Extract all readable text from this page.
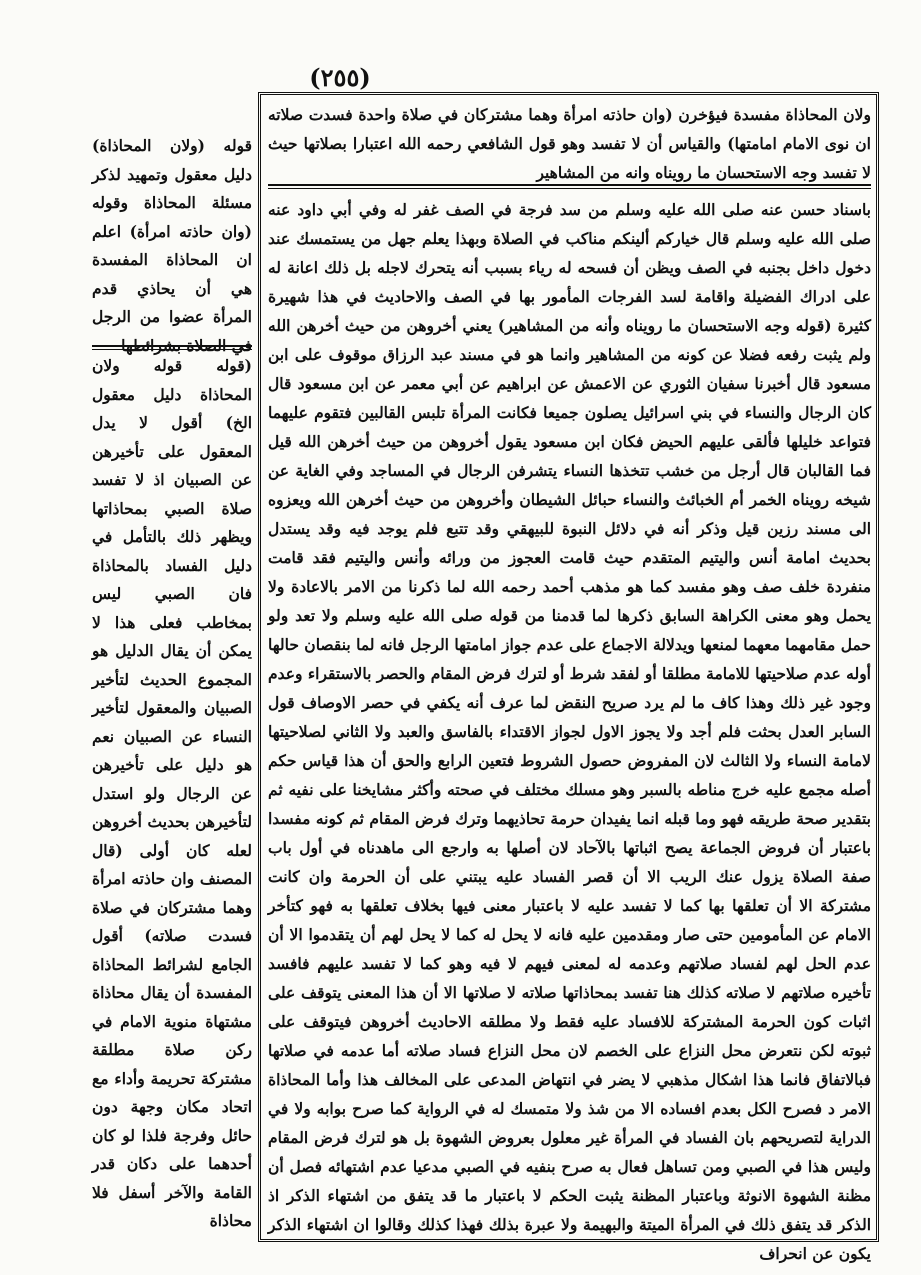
(٢٥٥)

ولان المحاذاة مفسدة فيؤخرن (وان حاذته امرأة وهما مشتركان في صلاة واحدة فسدت صلاته ان نوى الامام امامتها) والقياس أن لا تفسد وهو قول الشافعي رحمه الله اعتبارا بصلاتها حيث لا تفسد وجه الاستحسان ما رويناه وانه من المشاهير

باسناد حسن عنه صلى الله عليه وسلم من سد فرجة في الصف غفر له وفي أبي داود عنه صلى الله عليه وسلم قال خياركم ألينكم مناكب في الصلاة وبهذا يعلم جهل من يستمسك عند دخول داخل بجنبه في الصف ويظن أن فسحه له رياء بسبب أنه يتحرك لاجله بل ذلك اعانة له على ادراك الفضيلة واقامة لسد الفرجات المأمور بها في الصف والاحاديث في هذا شهيرة كثيرة (قوله وجه الاستحسان ما رويناه وأنه من المشاهير) يعني أخروهن من حيث أخرهن الله ولم يثبت رفعه فضلا عن كونه من المشاهير وانما هو في مسند عبد الرزاق موقوف على ابن مسعود قال أخبرنا سفيان الثوري عن الاعمش عن ابراهيم عن أبي معمر عن ابن مسعود قال كان الرجال والنساء في بني اسرائيل يصلون جميعا فكانت المرأة تلبس القالبين فتقوم عليهما فتواعد خليلها فألقى عليهم الحيض فكان ابن مسعود يقول أخروهن من حيث أخرهن الله قيل فما القالبان قال أرجل من خشب تتخذها النساء يتشرفن الرجال في المساجد وفي الغاية عن شيخه رويناه الخمر أم الخبائث والنساء حبائل الشيطان وأخروهن من حيث أخرهن الله ويعزوه الى مسند رزين قيل وذكر أنه في دلائل النبوة للبيهقي وقد تتبع فلم يوجد فيه وقد يستدل بحديث امامة أنس واليتيم المتقدم حيث قامت العجوز من ورائه وأنس واليتيم فقد قامت منفردة خلف صف وهو مفسد كما هو مذهب أحمد رحمه الله لما ذكرنا من الامر بالاعادة ولا يحمل وهو معنى الكراهة السابق ذكرها لما قدمنا من قوله صلى الله عليه وسلم ولا تعد ولو حمل مقامهما معهما لمنعها ويدلالة الاجماع على عدم جواز امامتها الرجل فانه لما بنقصان حالها أوله عدم صلاحيتها للامامة مطلقا أو لفقد شرط أو لترك فرض المقام والحصر بالاستقراء وعدم وجود غير ذلك وهذا كاف ما لم يرد صريح النقض لما عرف أنه يكفي في حصر الاوصاف قول السابر العدل بحثت فلم أجد ولا يجوز الاول لجواز الاقتداء بالفاسق والعبد ولا الثاني لصلاحيتها لامامة النساء ولا الثالث لان المفروض حصول الشروط فتعين الرابع والحق أن هذا قياس حكم أصله مجمع عليه خرج مناطه بالسبر وهو مسلك مختلف في صحته وأكثر مشايخنا على نفيه ثم بتقدير صحة طريقه فهو وما قبله انما يفيدان حرمة تحاذيهما وترك فرض المقام ثم كونه مفسدا باعتبار أن فروض الجماعة يصح اثباتها بالآحاد لان أصلها به وارجع الى ماهدناه في أول باب صفة الصلاة يزول عنك الريب الا أن قصر الفساد عليه يبتني على أن الحرمة وان كانت مشتركة الا أن تعلقها بها كما لا تفسد عليه لا باعتبار معنى فيها بخلاف تعلقها به فهو كتأخر الامام عن المأمومين حتى صار ومقدمين عليه فانه لا يحل له كما لا يحل لهم أن يتقدموا الا أن عدم الحل لهم لفساد صلاتهم وعدمه له لمعنى فيهم لا فيه وهو كما لا تفسد عليهم فافسد تأخيره صلاتهم لا صلاته كذلك هنا تفسد بمحاذاتها صلاته لا صلاتها الا أن هذا المعنى يتوقف على اثبات كون الحرمة المشتركة للافساد عليه فقط ولا مطلقه الاحاديث أخروهن فيتوقف على ثبوته لكن نتعرض محل النزاع على الخصم لان محل النزاع فساد صلاته أما عدمه في صلاتها فبالاتفاق فانما هذا اشكال مذهبي لا يضر في انتهاض المدعى على المخالف هذا وأما المحاذاة الامر د فصرح الكل بعدم افساده الا من شذ ولا متمسك له في الرواية كما صرح بوابه ولا في الدراية لتصريحهم بان الفساد في المرأة غير معلول بعروض الشهوة بل هو لترك فرض المقام وليس هذا في الصبي ومن تساهل فعال به صرح بنفيه في الصبي مدعيا عدم اشتهائه فصل أن مظنة الشهوة الانوثة وباعتبار المظنة يثبت الحكم لا باعتبار ما قد يتفق من اشتهاء الذكر اذ الذكر قد يتفق ذلك في المرأة الميتة والبهيمة ولا عبرة بذلك فهذا كذلك وقالوا ان اشتهاء الذكر يكون عن انحراف

قوله (ولان المحاذاة) دليل معقول وتمهيد لذكر مسئلة المحاذاة وقوله (وان حاذته امرأة) اعلم ان المحاذاة المفسدة هي أن يحاذي قدم المرأة عضوا من الرجل في الصلاة بشرائطها

(قوله قوله ولان المحاذاة دليل معقول الخ) أقول لا يدل المعقول على تأخيرهن عن الصبيان اذ لا تفسد صلاة الصبي بمحاذاتها ويظهر ذلك بالتأمل في دليل الفساد بالمحاذاة فان الصبي ليس بمخاطب فعلى هذا لا يمكن أن يقال الدليل هو المجموع الحديث لتأخير الصبيان والمعقول لتأخير النساء عن الصبيان نعم هو دليل على تأخيرهن عن الرجال ولو استدل لتأخيرهن بحديث أخروهن لعله كان أولى (قال المصنف وان حاذته امرأة وهما مشتركان في صلاة فسدت صلاته) أقول الجامع لشرائط المحاذاة المفسدة أن يقال محاذاة مشتهاة منوية الامام في ركن صلاة مطلقة مشتركة تحريمة وأداء مع اتحاد مكان وجهة دون حائل وفرجة فلذا لو كان أحدهما على دكان قدر القامة والآخر أسفل فلا محاذاة
